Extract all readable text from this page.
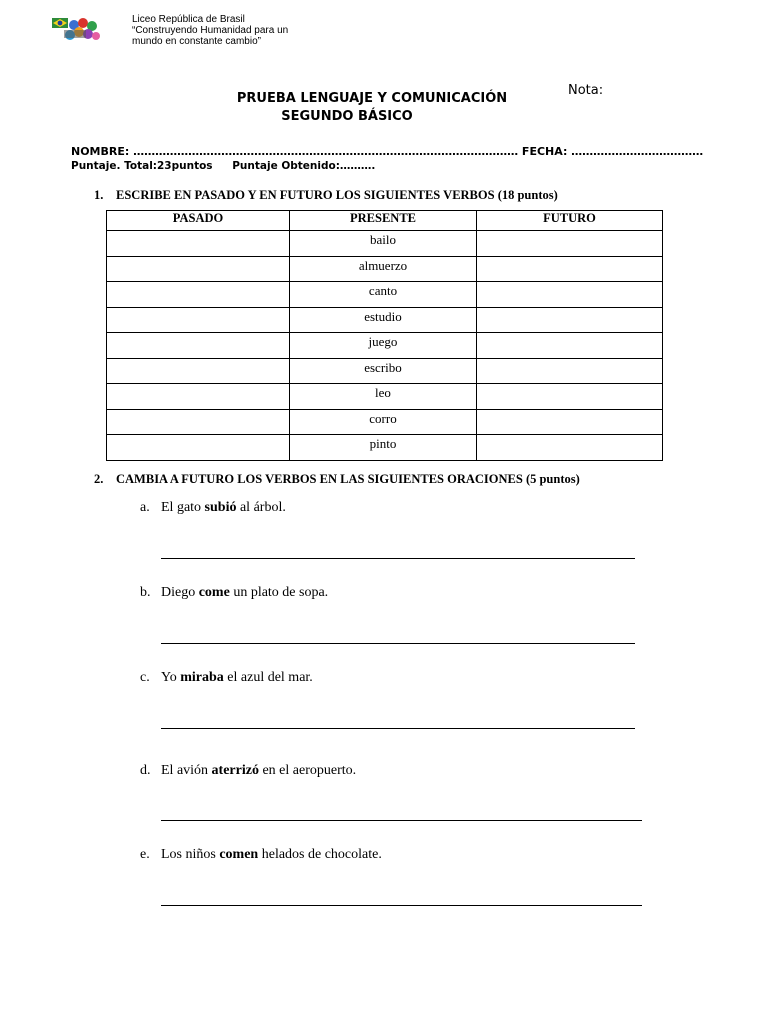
Liceo República de Brasil
“Construyendo Humanidad para un
mundo en constante cambio”
PRUEBA LENGUAJE Y COMUNICACIÓN
SEGUNDO BÁSICO
Nota:
NOMBRE: …………………………………………………………………………………………… FECHA: ………………………………
Puntaje. Total:23puntos Puntaje Obtenido:……….
1. ESCRIBE EN PASADO Y EN FUTURO LOS SIGUIENTES VERBOS (18 puntos)
PASADO	PRESENTE	FUTURO
	bailo	
	almuerzo	
	canto	
	estudio	
	juego	
	escribo	
	leo	
	corro	
	pinto	
2. CAMBIA A FUTURO LOS VERBOS EN LAS SIGUIENTES ORACIONES (5 puntos)
a. El gato subió al árbol.
b. Diego come un plato de sopa.
c. Yo miraba el azul del mar.
d. El avión aterrizó en el aeropuerto.
e. Los niños comen helados de chocolate.
